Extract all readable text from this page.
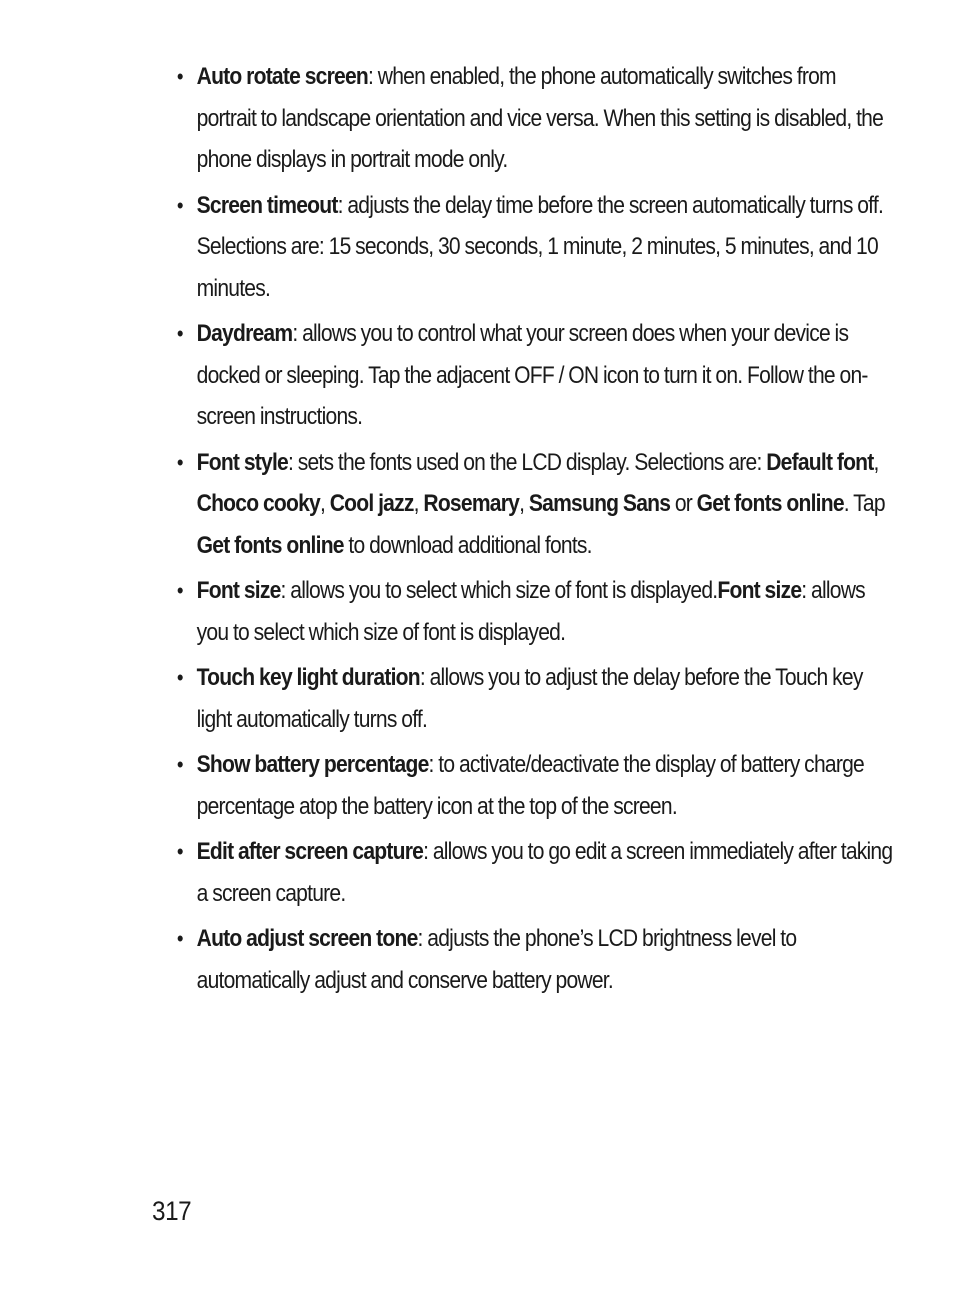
• Auto rotate screen: when enabled, the phone automatically switches from portrait to landscape orientation and vice versa. When this setting is disabled, the phone displays in portrait mode only.
• Screen timeout: adjusts the delay time before the screen automatically turns off. Selections are: 15 seconds, 30 seconds, 1 minute, 2 minutes, 5 minutes, and 10 minutes.
• Daydream: allows you to control what your screen does when your device is docked or sleeping. Tap the adjacent OFF / ON icon to turn it on. Follow the on-screen instructions.
• Font style: sets the fonts used on the LCD display. Selections are: Default font, Choco cooky, Cool jazz, Rosemary, Samsung Sans or Get fonts online. Tap Get fonts online to download additional fonts.
• Font size: allows you to select which size of font is displayed.Font size: allows you to select which size of font is displayed.
• Touch key light duration: allows you to adjust the delay before the Touch key light automatically turns off.
• Show battery percentage: to activate/deactivate the display of battery charge percentage atop the battery icon at the top of the screen.
• Edit after screen capture: allows you to go edit a screen immediately after taking a screen capture.
• Auto adjust screen tone: adjusts the phone’s LCD brightness level to automatically adjust and conserve battery power.
317
